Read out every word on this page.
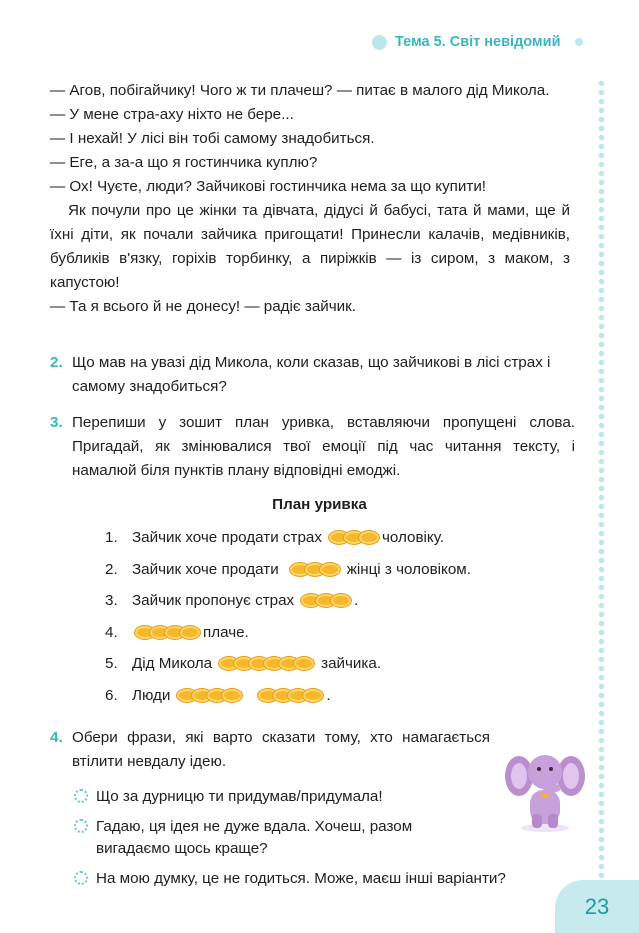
Тема 5. Світ невідомий

— Агов, побігайчику! Чого ж ти плачеш? — питає в малого дід Микола.

— У мене стра-аху ніхто не бере...

— І нехай! У лісі він тобі самому знадобиться.

— Еге, а за-а що я гостинчика куплю?

— Ох! Чуєте, люди? Зайчикові гостинчика нема за що купити!

Як почули про це жінки та дівчата, дідусі й бабусі, тата й мами, ще й їхні діти, як почали зайчика пригощати! Принесли калачів, медівників, бубликів в'язку, горіхів торбинку, а пиріжків — із сиром, з маком, з капустою!

— Та я всього й не донесу! — радіє зайчик.

2. Що мав на увазі дід Микола, коли сказав, що зайчикові в лісі страх і самому знадобиться?
3. Перепиши у зошит план уривка, вставляючи пропущені слова. Пригадай, як змінювалися твої емоції під час читання тексту, і намалюй біля пунктів плану відповідні емоджі.
План уривка
1. Зайчик хоче продати страх	чоловіку.
2. Зайчик хоче продати	жінці з чоловіком.
3. Зайчик пропонує страх	.
4.	плаче.
5. Дід Микола	зайчика.
6. Люди	.
4. Обери фрази, які варто сказати тому, хто намагається втілити невдалу ідею.
Що за дурницю ти придумав/придумала!
Гадаю, ця ідея не дуже вдала. Хочеш, разом вигадаємо щось краще?
На мою думку, це не годиться. Може, маєш інші варіанти?
23
